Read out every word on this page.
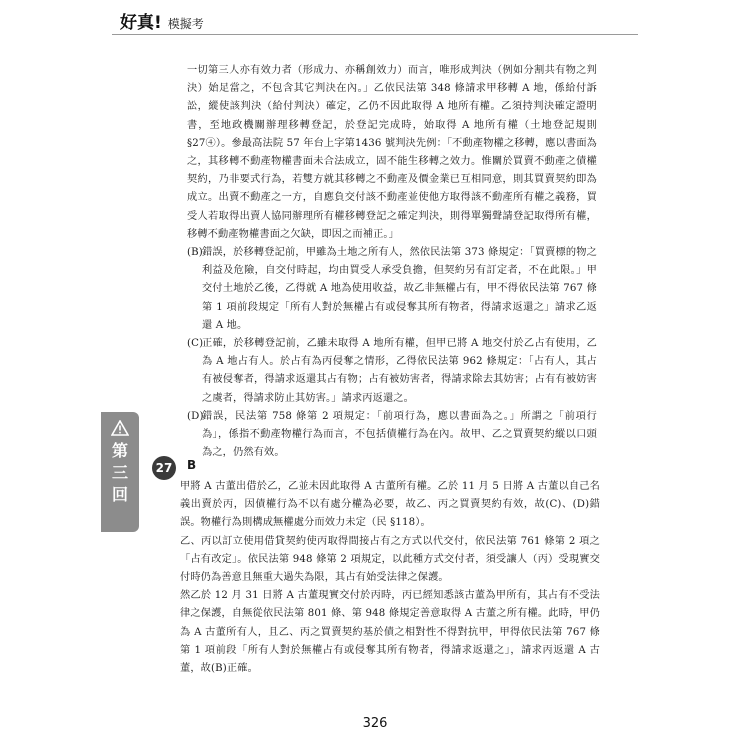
好真! 模擬考

一切第三人亦有效力者（形成力、亦稱創效力）而言，唯形成判決（例如分割共有物之判決）始足當之，不包含其它判決在內。」乙依民法第 348 條請求甲移轉 A 地，係給付訴訟，縱使該判決（給付判決）確定，乙仍不因此取得 A 地所有權。乙須持判決確定證明書，至地政機關辦理移轉登記，於登記完成時，始取得 A 地所有權（土地登記規則 §27④）。參最高法院 57 年台上字第1436 號判決先例：「不動產物權之移轉，應以書面為之，其移轉不動產物權書面未合法成立，固不能生移轉之效力。惟關於買賣不動產之債權契約，乃非要式行為，若雙方就其移轉之不動產及價金業已互相同意，則其買賣契約即為成立。出賣不動產之一方，自應負交付該不動產並使他方取得該不動產所有權之義務，買受人若取得出賣人協同辦理所有權移轉登記之確定判決，則得單獨聲請登記取得所有權，移轉不動產物權書面之欠缺，即因之而補正。」

(B) 錯誤，於移轉登記前，甲雖為土地之所有人，然依民法第 373 條規定：「買賣標的物之利益及危險，自交付時起，均由買受人承受負擔，但契約另有訂定者，不在此限。」甲交付土地於乙後，乙得就 A 地為使用收益，故乙非無權占有，甲不得依民法第 767 條第 1 項前段規定「所有人對於無權占有或侵奪其所有物者，得請求返還之」請求乙返還 A 地。

(C)
正確，於移轉登記前，乙雖未取得 A 地所有權，但甲已將 A 地交付於乙占有使用，乙為 A 地占有人。於占有為丙侵奪之情形，乙得依民法第 962 條規定：「占有人，其占有被侵奪者，得請求返還其占有物；占有被妨害者，得請求除去其妨害；占有有被妨害之虞者，得請求防止其妨害。」請求丙返還之。

(D)
錯誤，民法第 758 條第 2 項規定：「前項行為，應以書面為之。」所謂之「前項行為」，係指不動產物權行為而言，不包括債權行為在內。故甲、乙之買賣契約縱以口頭為之，仍然有效。

第
三
回
27	B

甲將 A 古董出借於乙，乙並未因此取得 A 古董所有權。乙於 11 月 5 日將 A 古董以自己名義出賣於丙，因債權行為不以有處分權為必要，故乙、丙之買賣契約有效，故(C)、(D)錯誤。物權行為則構成無權處分而效力未定（民 §118）。

乙、丙以訂立使用借貸契約使丙取得間接占有之方式以代交付，依民法第 761 條第 2 項之「占有改定」。依民法第 948 條第 2 項規定，以此種方式交付者，須受讓人（丙）受現實交付時仍為善意且無重大過失為限，其占有始受法律之保護。

然乙於 12 月 31 日將 A 古董現實交付於丙時，丙已經知悉該古董為甲所有，其占有不受法律之保護，自無從依民法第 801 條、第 948 條規定善意取得 A 古董之所有權。此時，甲仍為 A 古董所有人，且乙、丙之買賣契約基於債之相對性不得對抗甲，甲得依民法第 767 條第 1 項前段「所有人對於無權占有或侵奪其所有物者，得請求返還之」，請求丙返還 A 古董，故(B)正確。

326
